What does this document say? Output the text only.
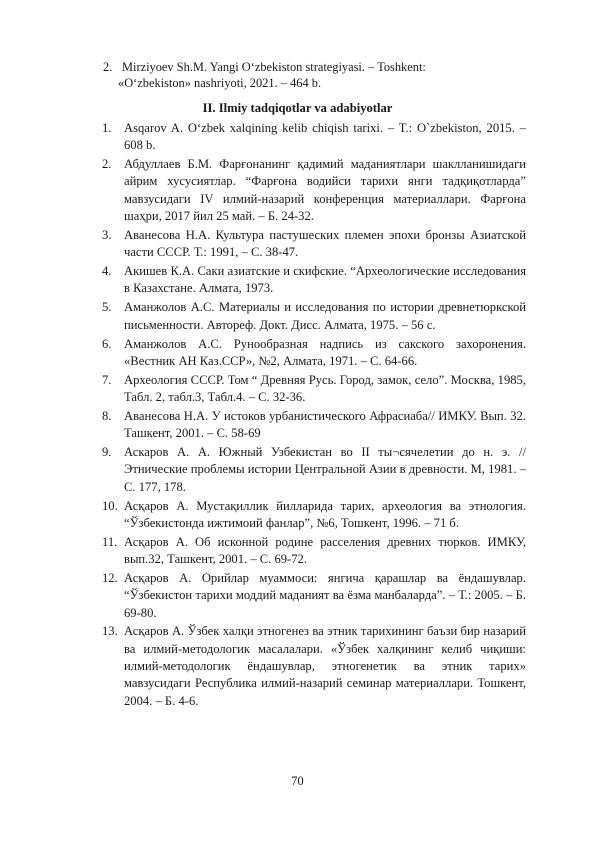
2. Mirziyoev Sh.M. Yangi O‘zbekiston strategiyasi. – Toshkent:
«O‘zbekiston» nashriyoti, 2021. – 464 b.
II. Ilmiy tadqiqotlar va adabiyotlar
1. Asqarov A. O‘zbek xalqining kelib chiqish tarixi. – T.: O`zbekiston, 2015. – 608 b.
2. Абдуллаев Б.М. Фарғонанинг қадимий маданиятлари шаклланишидаги айрим хусусиятлар. “Фарғона водийси тарихи янги тадқиқотларда” мавзусидаги IV илмий-назарий конференция материаллари. Фарғона шаҳри, 2017 йил 25 май. – Б. 24-32.
3. Аванесова Н.А. Культура пастушеских племен эпохи бронзы Азиатской части СССР. Т.: 1991, – С. 38-47.
4. Акишев К.А. Саки азиатские и скифские. “Археологические исследования в Казахстане. Алмата, 1973.
5. Аманжолов А.С. Материалы и исследования по истории древнетюркской письменности. Автореф. Докт. Дисс. Алмата, 1975. – 56 с.
6. Аманжолов А.С. Рунообразная надпись из сакского захоронения. «Вестник АН Каз.ССР», №2, Алмата, 1971. – С. 64-66.
7. Археология СССР. Том “ Древняя Русь. Город, замок, село”. Москва, 1985, Табл. 2, табл.3, Табл.4. – С. 32-36.
8. Аванесова Н.А. У истоков урбанистического Афрасиаба// ИМКУ. Вып. 32. Ташкент, 2001. – С. 58-69
9. Аскаров А. А. Южный Узбекистан во II ты¬сячелетии до н. э. // Этнические проблемы истории Центральной Азии в древности. М, 1981. – С. 177, 178.
10. Асқаров А. Мустақиллик йилларида тарих, археология ва этнология. “Ўзбекистонда ижтимоий фанлар”, №6, Тошкент, 1996. – 71 б.
11. Асқаров А. Об исконной родине расселения древних тюрков. ИМКУ, вып.32, Ташкент, 2001. – С. 69-72.
12. Асқаров А. Орийлар муаммоси: янгича қарашлар ва ёндашувлар. “Ўзбекистон тарихи моддий маданият ва ёзма манбаларда”. – Т.: 2005. – Б. 69-80.
13. Асқаров А. Ўзбек халқи этногенез ва этник тарихининг баъзи бир назарий ва илмий-методологик масалалари. «Ўзбек халқининг келиб чиқиши: илмий-методологик ёндашувлар, этногенетик ва этник тарих» мавзусидаги Республика илмий-назарий семинар материаллари. Тошкент, 2004. – Б. 4-6.
70
